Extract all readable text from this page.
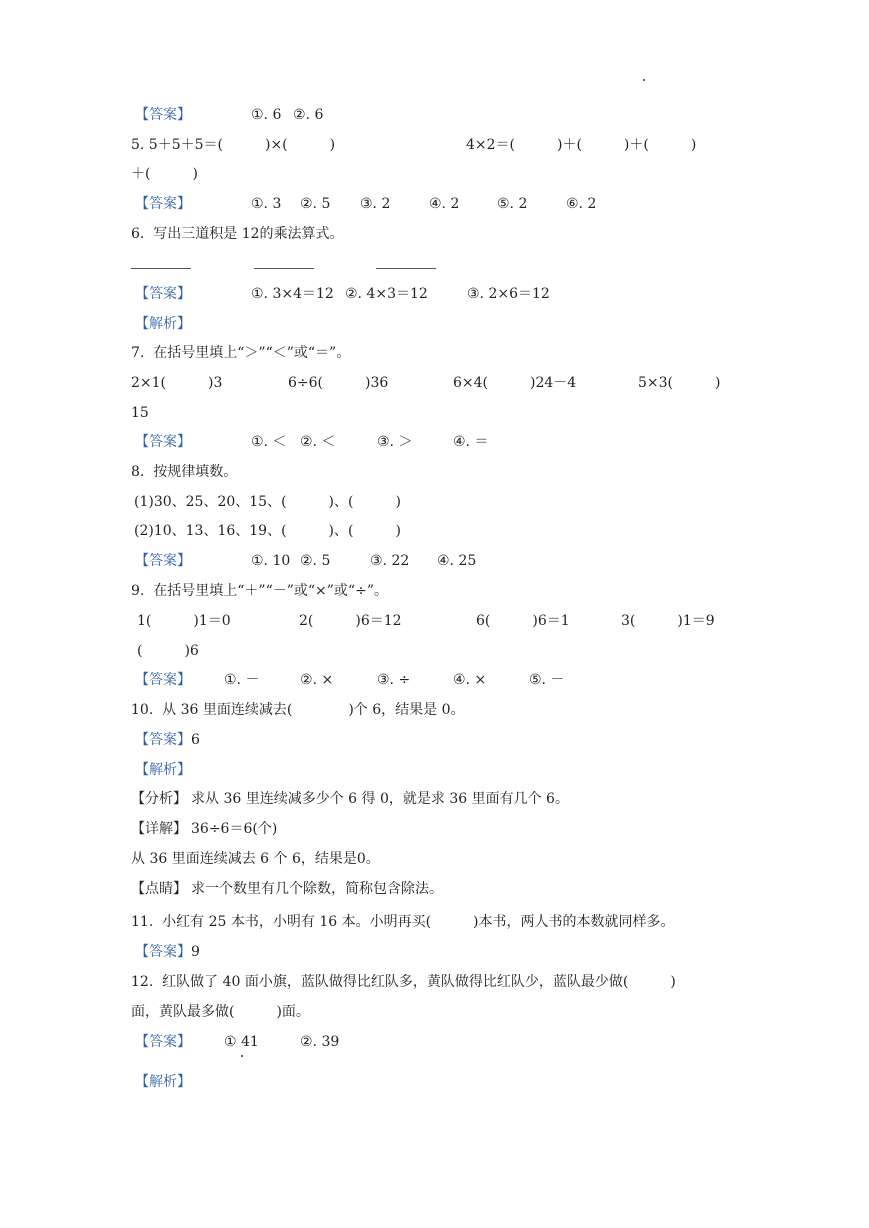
【答案】	①. 6 ②. 6
5. 5＋5＋5＝(　　　)×(　　　)	4×2＝(　　　)＋(　　　)＋(　　　)
＋(　　　)
【答案】	①. 3 ②. 5 ③. 2	④. 2	⑤. 2	⑥. 2
6.  写出三道积是 12的乘法算式。
【答案】	①. 3×4＝12 ②. 4×3＝12	③. 2×6＝12
【解析】
7.  在括号里填上“＞”“＜”或“＝”。
2×1(　　　)3	6÷6(　　　)36	6×4(　　　)24－4	5×3(　　　)
15
【答案】	①. ＜ ②. ＜	③. ＞	④. ＝
8.  按规律填数。
(1)30、25、20、15、(　　　)、(　　　)
(2)10、13、16、19、(　　　)、(　　　)
【答案】	①. 10 ②. 5	③. 22 ④. 25
9.  在括号里填上“＋”“－”或“×”或“÷”。
1(　　　)1＝0	2(　　　)6＝12	6(　　　)6＝1	3(　　　)1＝9
(　　　)6
【答案】 ①. －	②. ×	③. ÷	④. ×	⑤. －
10.  从 36 里面连续减去(　　　　)个 6，结果是 0。
【答案】 6
【解析】
【分析】 求从 36 里连续减多少个 6 得 0，就是求 36 里面有几个 6。
【详解】 36÷6＝6(个)
从 36 里面连续减去 6 个 6，结果是0。
【点睛】 求一个数里有几个除数，简称包含除法。
11.  小红有 25 本书，小明有 16 本。小明再买(　　　)本书，两人书的本数就同样多。
【答案】 9
12.  红队做了 40 面小旗，蓝队做得比红队多，黄队做得比红队少，蓝队最少做(　　　)
面，黄队最多做(　　　)面。
【答案】 ① 41	②. 39
【解析】
